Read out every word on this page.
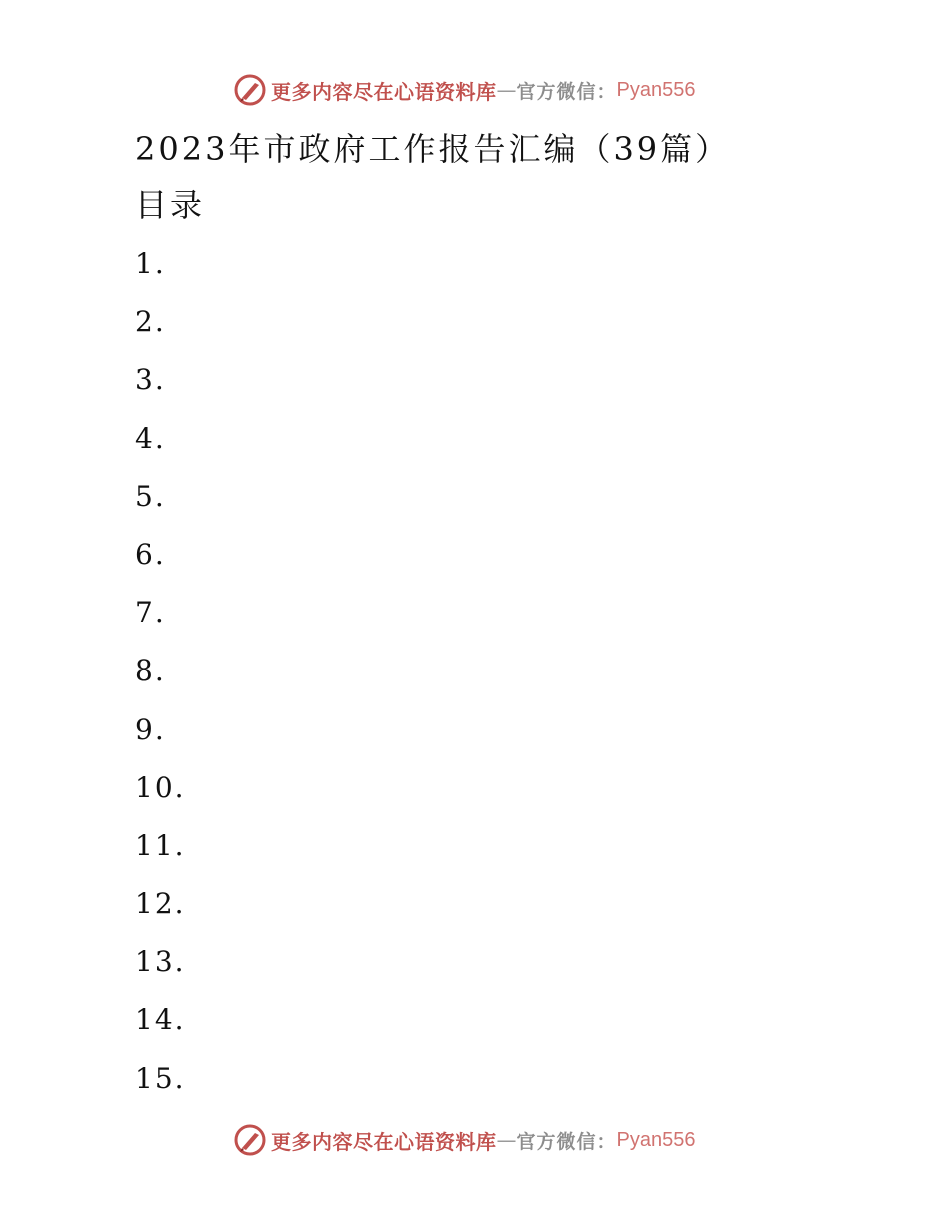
更多内容尽在心语资料库 — 官方微信： Pyan556
2023年市政府工作报告汇编（39篇）
目录
1.
2.
3.
4.
5.
6.
7.
8.
9.
10.
11.
12.
13.
14.
15.
更多内容尽在心语资料库 — 官方微信： Pyan556
